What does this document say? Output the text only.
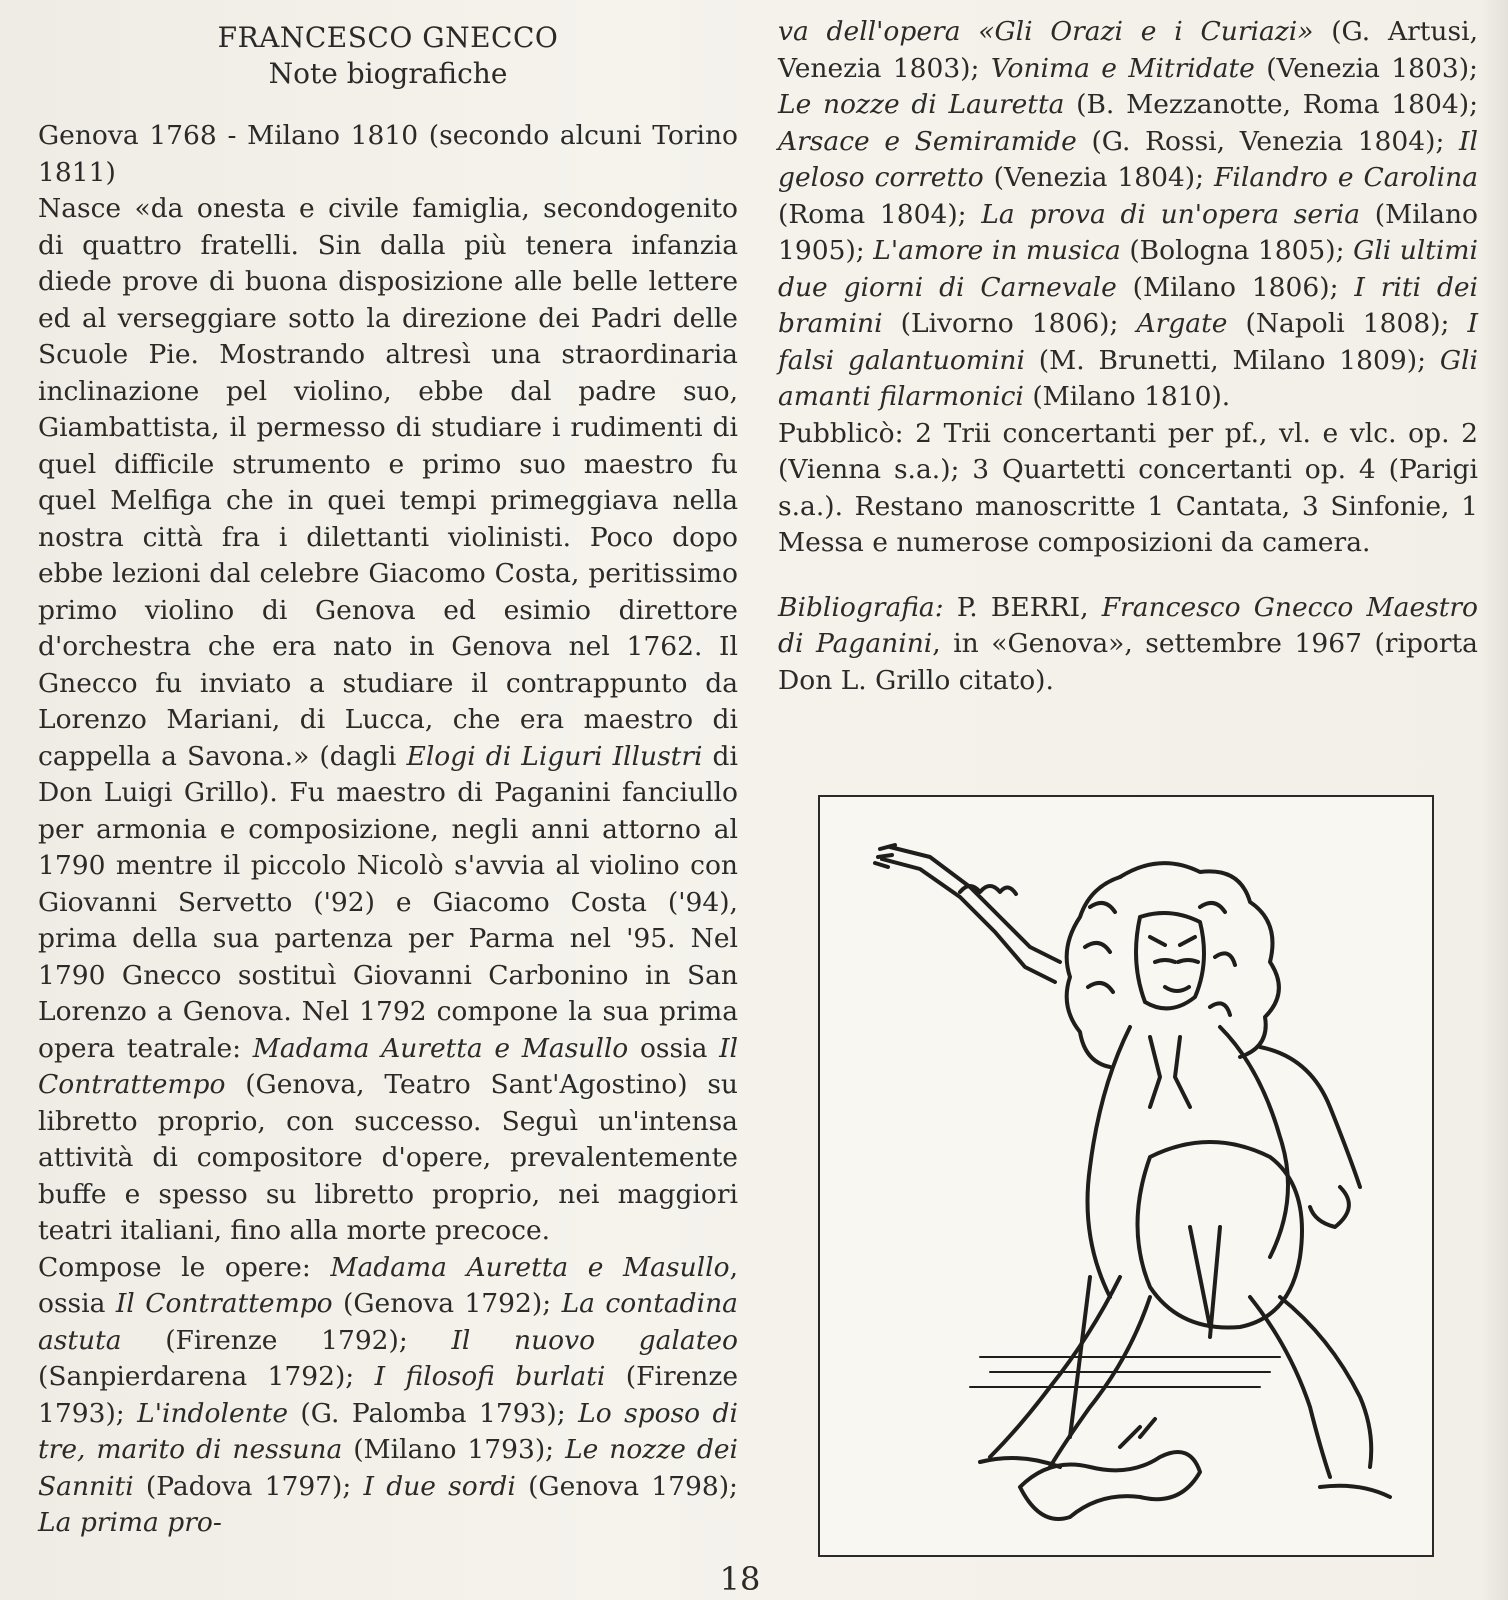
FRANCESCO GNECCO
Note biografiche

Genova 1768 - Milano 1810 (secondo alcuni Torino 1811)

Nasce «da onesta e civile famiglia, secondogenito di quattro fratelli. Sin dalla più tenera infanzia diede prove di buona disposizione alle belle lettere ed al verseggiare sotto la direzione dei Padri delle Scuole Pie. Mostrando altresì una straordinaria inclinazione pel violino, ebbe dal padre suo, Giambattista, il permesso di studiare i rudimenti di quel difficile strumento e primo suo maestro fu quel Melfiga che in quei tempi primeggiava nella nostra città fra i dilettanti violinisti. Poco dopo ebbe lezioni dal celebre Giacomo Costa, peritissimo primo violino di Genova ed esimio direttore d'orchestra che era nato in Genova nel 1762. Il Gnecco fu inviato a studiare il contrappunto da Lorenzo Mariani, di Lucca, che era maestro di cappella a Savona.» (dagli Elogi di Liguri Illustri di Don Luigi Grillo). Fu maestro di Paganini fanciullo per armonia e composizione, negli anni attorno al 1790 mentre il piccolo Nicolò s'avvia al violino con Giovanni Servetto ('92) e Giacomo Costa ('94), prima della sua partenza per Parma nel '95. Nel 1790 Gnecco sostituì Giovanni Carbonino in San Lorenzo a Genova. Nel 1792 compone la sua prima opera teatrale: Madama Auretta e Masullo ossia Il Contrattempo (Genova, Teatro Sant'Agostino) su libretto proprio, con successo. Seguì un'intensa attività di compositore d'opere, prevalentemente buffe e spesso su libretto proprio, nei maggiori teatri italiani, fino alla morte precoce.

Compose le opere: Madama Auretta e Masullo, ossia Il Contrattempo (Genova 1792); La contadina astuta (Firenze 1792); Il nuovo galateo (Sanpierdarena 1792); I filosofi burlati (Firenze 1793); L'indolente (G. Palomba 1793); Lo sposo di tre, marito di nessuna (Milano 1793); Le nozze dei Sanniti (Padova 1797); I due sordi (Genova 1798); La prima pro-

va dell'opera «Gli Orazi e i Curiazi» (G. Artusi, Venezia 1803); Vonima e Mitridate (Venezia 1803); Le nozze di Lauretta (B. Mezzanotte, Roma 1804); Arsace e Semiramide (G. Rossi, Venezia 1804); Il geloso corretto (Venezia 1804); Filandro e Carolina (Roma 1804); La prova di un'opera seria (Milano 1905); L'amore in musica (Bologna 1805); Gli ultimi due giorni di Carnevale (Milano 1806); I riti dei bramini (Livorno 1806); Argate (Napoli 1808); I falsi galantuomini (M. Brunetti, Milano 1809); Gli amanti filarmonici (Milano 1810).

Pubblicò: 2 Trii concertanti per pf., vl. e vlc. op. 2 (Vienna s.a.); 3 Quartetti concertanti op. 4 (Parigi s.a.). Restano manoscritte 1 Cantata, 3 Sinfonie, 1 Messa e numerose composizioni da camera.

Bibliografia: P. BERRI, Francesco Gnecco Maestro di Paganini, in «Genova», settembre 1967 (riporta Don L. Grillo citato).

18
